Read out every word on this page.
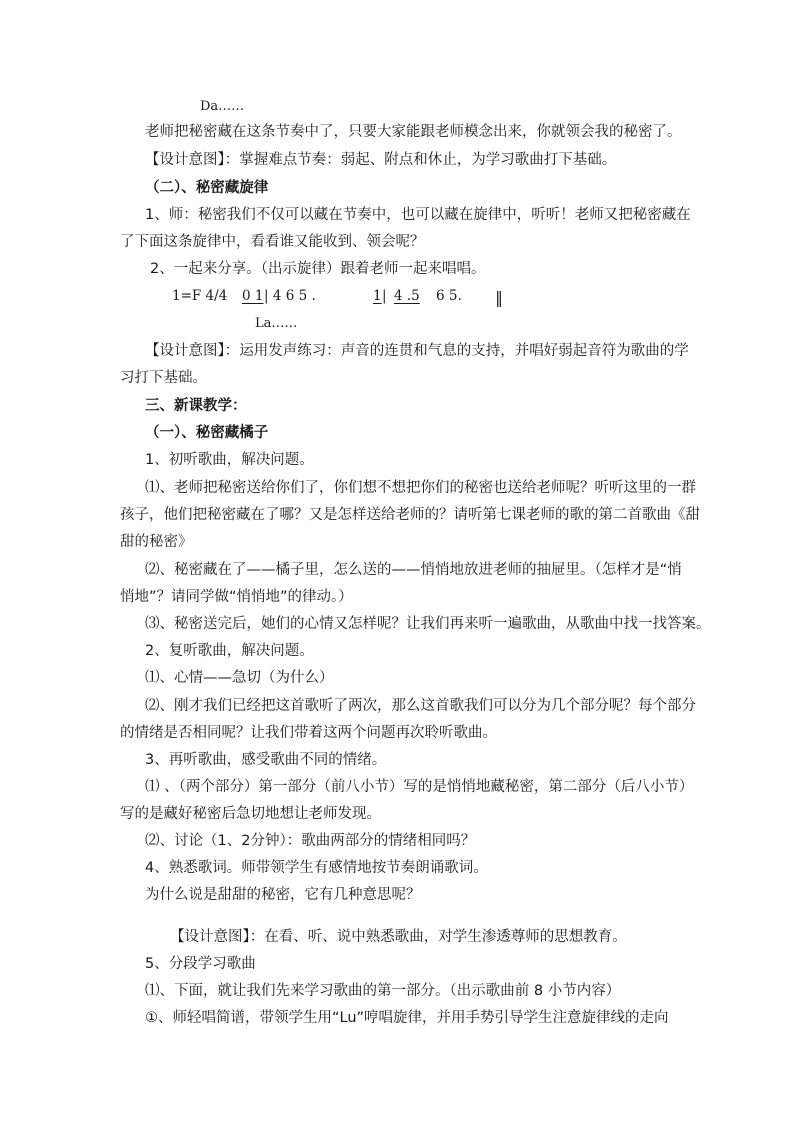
Da……
老师把秘密藏在这条节奏中了，只要大家能跟老师模念出来，你就领会我的秘密了。
【设计意图】：掌握难点节奏：弱起、附点和休止，为学习歌曲打下基础。
（二）、秘密藏旋律
1、师：秘密我们不仅可以藏在节奏中，也可以藏在旋律中，听听！老师又把秘密藏在
了下面这条旋律中，看看谁又能收到、领会呢？
2、一起来分享。（出示旋律）跟着老师一起来唱唱。
1=F 4/4 0 1 | 4 6 5 .	1 | 4 .5 6 5. ‖
La……
【设计意图】：运用发声练习：声音的连贯和气息的支持，并唱好弱起音符为歌曲的学
习打下基础。
三、新课教学：
（一）、秘密藏橘子
1、初听歌曲，解决问题。
⑴、老师把秘密送给你们了，你们想不想把你们的秘密也送给老师呢？听听这里的一群
孩子，他们把秘密藏在了哪？又是怎样送给老师的？请听第七课老师的歌的第二首歌曲《甜
甜的秘密》
⑵、秘密藏在了——橘子里，怎么送的——悄悄地放进老师的抽屉里。（怎样才是“悄
悄地”？请同学做“悄悄地”的律动。）
⑶、秘密送完后，她们的心情又怎样呢？让我们再来听一遍歌曲，从歌曲中找一找答案。
2、复听歌曲，解决问题。
⑴、心情——急切（为什么）
⑵、刚才我们已经把这首歌听了两次，那么这首歌我们可以分为几个部分呢？每个部分
的情绪是否相同呢？让我们带着这两个问题再次聆听歌曲。
3、再听歌曲，感受歌曲不同的情绪。
⑴ 、（两个部分）第一部分（前八小节）写的是悄悄地藏秘密，第二部分（后八小节）
写的是藏好秘密后急切地想让老师发现。
⑵、讨论（1、2分钟）：歌曲两部分的情绪相同吗？
4、熟悉歌词。师带领学生有感情地按节奏朗诵歌词。
为什么说是甜甜的秘密，它有几种意思呢？
【设计意图】：在看、听、说中熟悉歌曲，对学生渗透尊师的思想教育。
5、分段学习歌曲
⑴、下面，就让我们先来学习歌曲的第一部分。（出示歌曲前 8 小节内容）
①、师轻唱简谱，带领学生用“Lu”哼唱旋律，并用手势引导学生注意旋律线的走向
